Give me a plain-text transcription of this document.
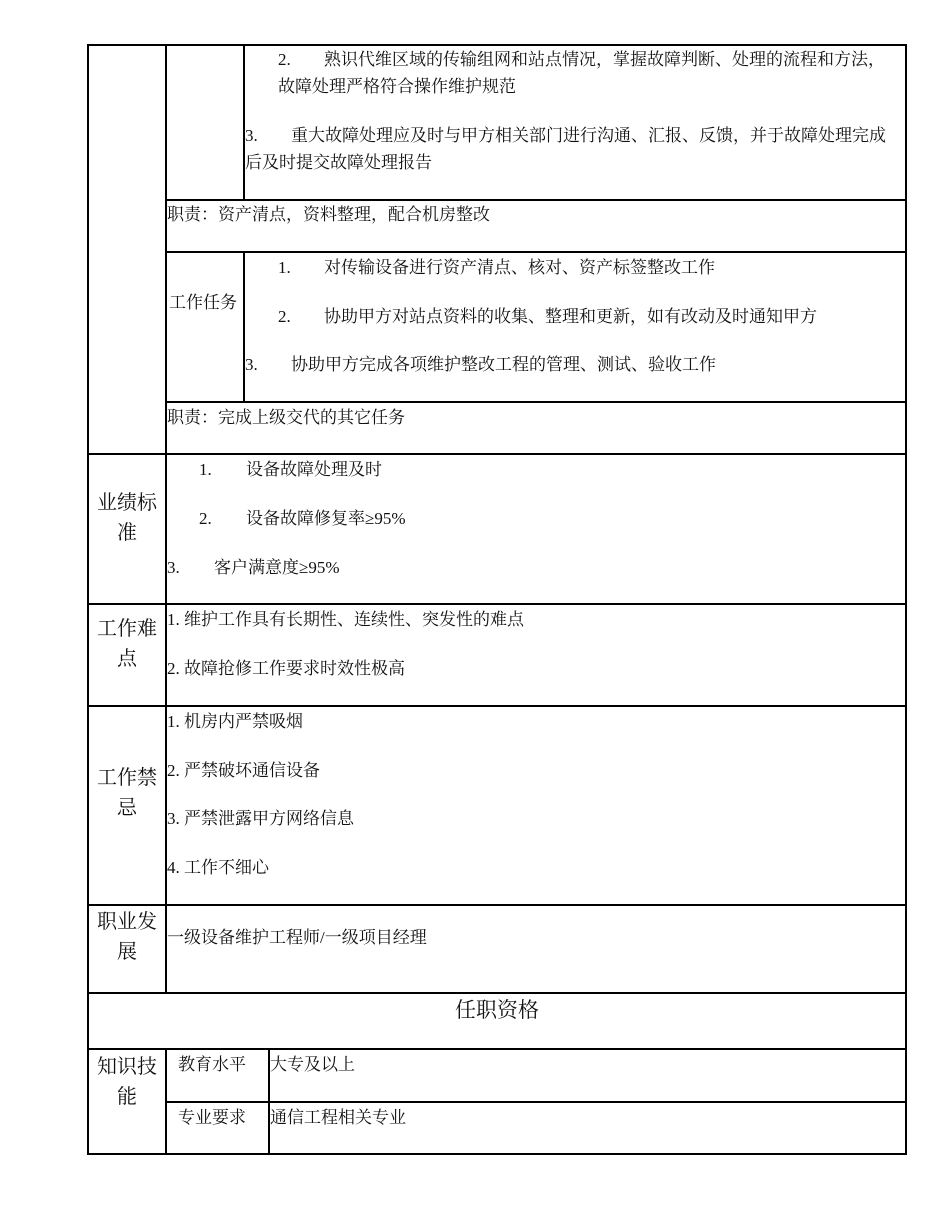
2. 熟识代维区域的传输组网和站点情况，掌握故障判断、处理的流程和方法，故障处理严格符合操作维护规范
3. 重大故障处理应及时与甲方相关部门进行沟通、汇报、反馈，并于故障处理完成后及时提交故障处理报告
职责：资产清点，资料整理，配合机房整改
工作任务
1. 对传输设备进行资产清点、核对、资产标签整改工作
2. 协助甲方对站点资料的收集、整理和更新，如有改动及时通知甲方
3. 协助甲方完成各项维护整改工程的管理、测试、验收工作
职责：完成上级交代的其它任务
业绩标准
1. 设备故障处理及时
2. 设备故障修复率≥95%
3. 客户满意度≥95%
工作难点
1. 维护工作具有长期性、连续性、突发性的难点
2. 故障抢修工作要求时效性极高
工作禁忌
1. 机房内严禁吸烟
2. 严禁破坏通信设备
3. 严禁泄露甲方网络信息
4. 工作不细心
职业发展
一级设备维护工程师/一级项目经理
任职资格
知识技能
教育水平 大专及以上
专业要求 通信工程相关专业
